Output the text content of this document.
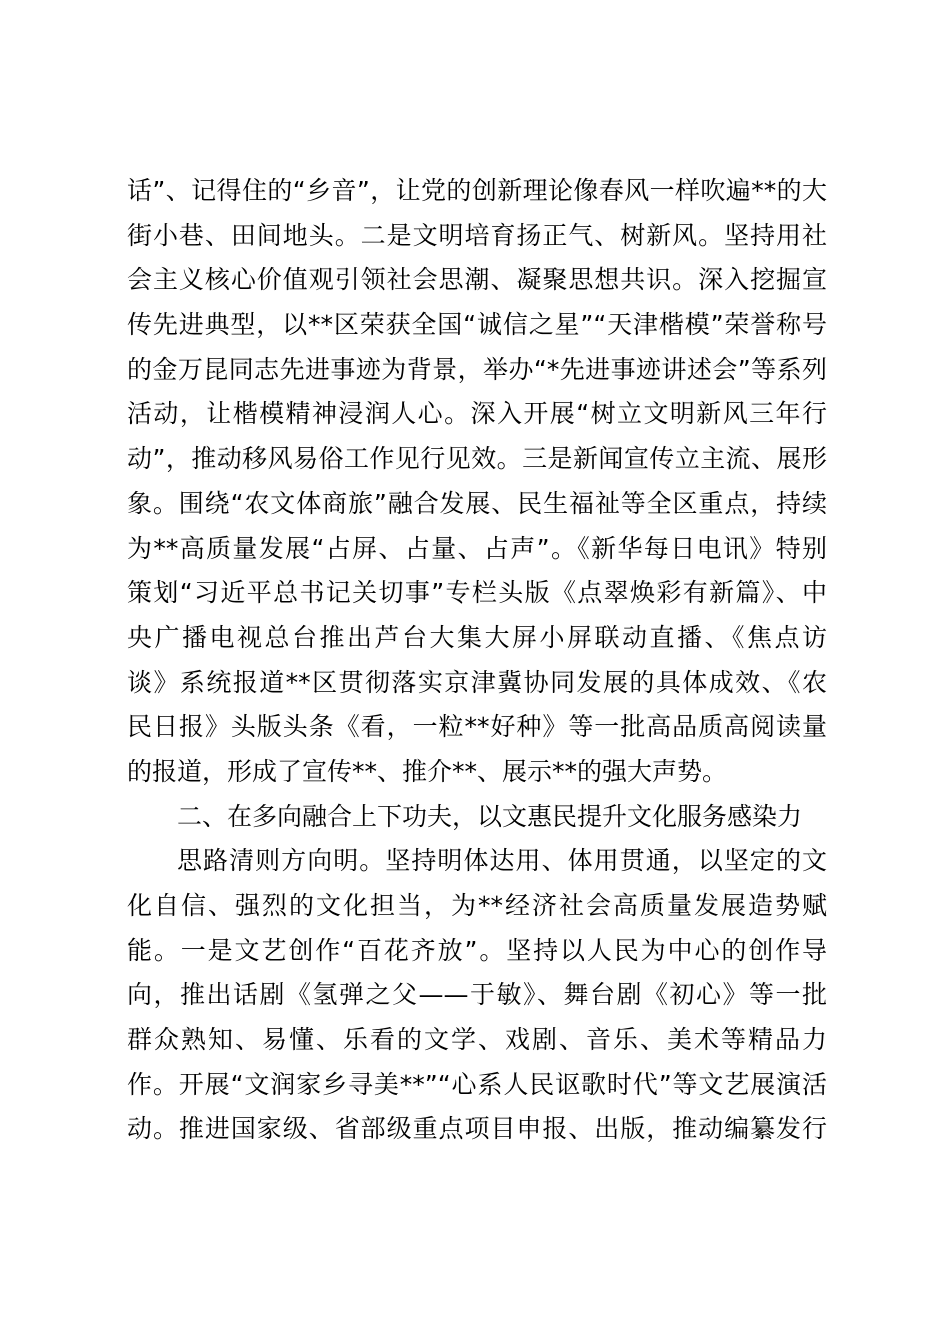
话”、记得住的“乡音”，让党的创新理论像春风一样吹遍**的大
街小巷、田间地头。二是文明培育扬正气、树新风。坚持用社
会主义核心价值观引领社会思潮、凝聚思想共识。深入挖掘宣
传先进典型，以**区荣获全国“诚信之星”“天津楷模”荣誉称号
的金万昆同志先进事迹为背景，举办“*先进事迹讲述会”等系列
活动，让楷模精神浸润人心。深入开展“树立文明新风三年行
动”，推动移风易俗工作见行见效。三是新闻宣传立主流、展形
象。围绕“农文体商旅”融合发展、民生福祉等全区重点，持续
为**高质量发展“占屏、占量、占声”。《新华每日电讯》特别
策划“习近平总书记关切事”专栏头版《点翠焕彩有新篇》、中
央广播电视总台推出芦台大集大屏小屏联动直播、《焦点访
谈》系统报道**区贯彻落实京津冀协同发展的具体成效、《农
民日报》头版头条《看，一粒**好种》等一批高品质高阅读量
的报道，形成了宣传**、推介**、展示**的强大声势。
二、在多向融合上下功夫，以文惠民提升文化服务感染力
思路清则方向明。坚持明体达用、体用贯通，以坚定的文
化自信、强烈的文化担当，为**经济社会高质量发展造势赋
能。一是文艺创作“百花齐放”。坚持以人民为中心的创作导
向，推出话剧《氢弹之父——于敏》、舞台剧《初心》等一批
群众熟知、易懂、乐看的文学、戏剧、音乐、美术等精品力
作。开展“文润家乡寻美**”“心系人民讴歌时代”等文艺展演活
动。推进国家级、省部级重点项目申报、出版，推动编纂发行
